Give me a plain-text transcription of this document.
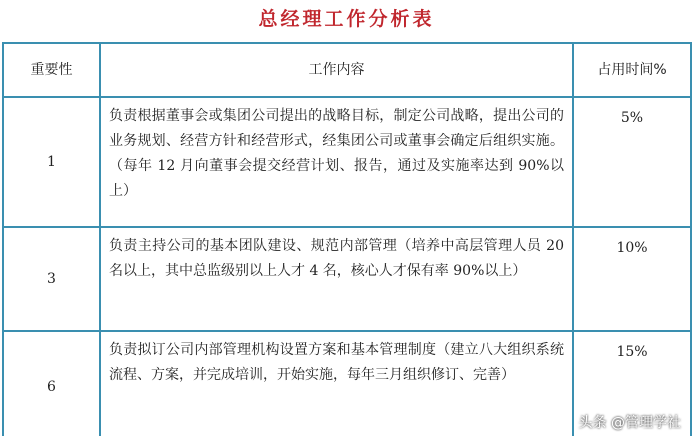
总经理工作分析表
重要性	工作内容	占用时间%
1	负责根据董事会或集团公司提出的战略目标，制定公司战略，提出公司的业务规划、经营方针和经营形式，经集团公司或董事会确定后组织实施。（每年 12 月向董事会提交经营计划、报告，通过及实施率达到 90%以上）	5%
3	负责主持公司的基本团队建设、规范内部管理（培养中高层管理人员 20 名以上，其中总监级别以上人才 4 名，核心人才保有率 90%以上）	10%
6	负责拟订公司内部管理机构设置方案和基本管理制度（建立八大组织系统流程、方案，并完成培训，开始实施，每年三月组织修订、完善）	15%
头条 @管理学社
